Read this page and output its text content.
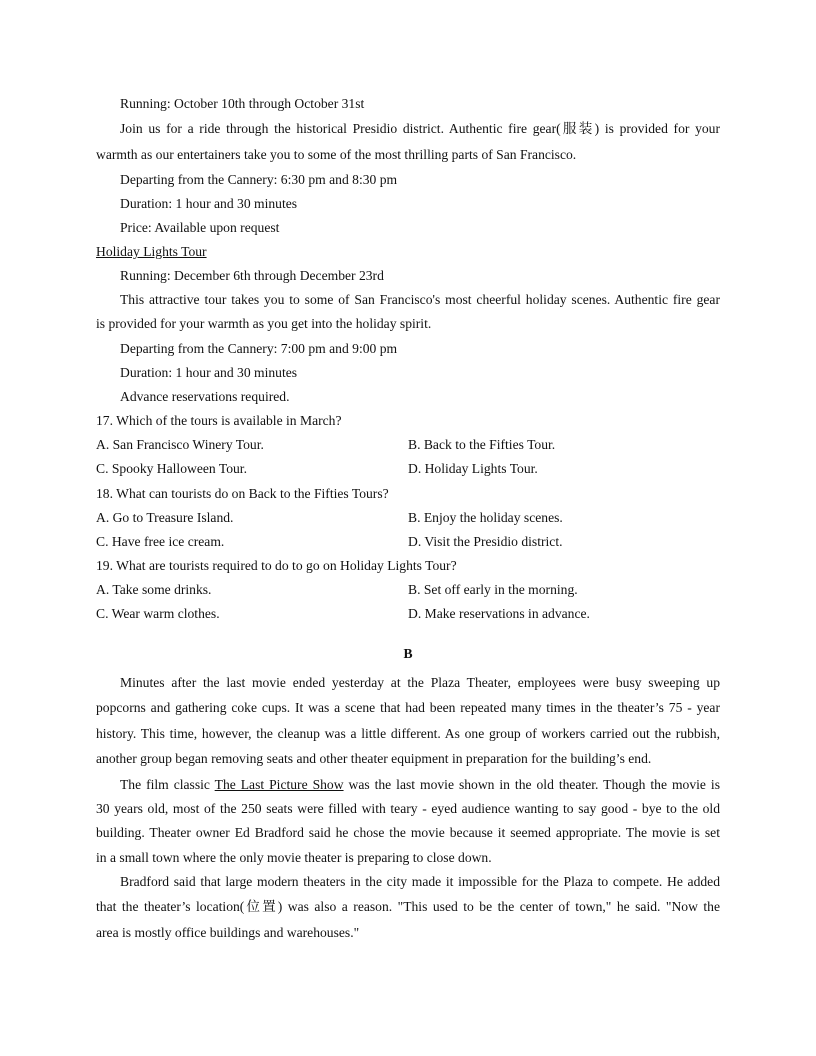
Running: October 10th through October 31st
Join us for a ride through the historical Presidio district. Authentic fire gear(服装) is provided for your
warmth as our entertainers take you to some of the most thrilling parts of San Francisco.
Departing from the Cannery: 6:30 pm and 8:30 pm
Duration: 1 hour and 30 minutes
Price: Available upon request
Holiday Lights Tour
Running: December 6th through December 23rd
This attractive tour takes you to some of San Francisco's most cheerful holiday scenes. Authentic fire gear
is provided for your warmth as you get into the holiday spirit.
Departing from the Cannery: 7:00 pm and 9:00 pm
Duration: 1 hour and 30 minutes
Advance reservations required.
17. Which of the tours is available in March?
A. San Francisco Winery Tour.	B. Back to the Fifties Tour.
C. Spooky Halloween Tour.	D. Holiday Lights Tour.
18. What can tourists do on Back to the Fifties Tours?
A. Go to Treasure Island.	B. Enjoy the holiday scenes.
C. Have free ice cream.	D. Visit the Presidio district.
19. What are tourists required to do to go on Holiday Lights Tour?
A. Take some drinks.	B. Set off early in the morning.
C. Wear warm clothes.	D. Make reservations in advance.
B
Minutes after the last movie ended yesterday at the Plaza Theater, employees were busy sweeping up
popcorns and gathering coke cups. It was a scene that had been repeated many times in the theater’s 75 - year
history. This time, however, the cleanup was a little different. As one group of workers carried out the rubbish,
another group began removing seats and other theater equipment in preparation for the building’s end.
The film classic The Last Picture Show was the last movie shown in the old theater. Though the movie is
30 years old, most of the 250 seats were filled with teary - eyed audience wanting to say good - bye to the old
building. Theater owner Ed Bradford said he chose the movie because it seemed appropriate. The movie is set
in a small town where the only movie theater is preparing to close down.
Bradford said that large modern theaters in the city made it impossible for the Plaza to compete. He added
that the theater’s location(位置) was also a reason. "This used to be the center of town," he said. "Now the
area is mostly office buildings and warehouses."
